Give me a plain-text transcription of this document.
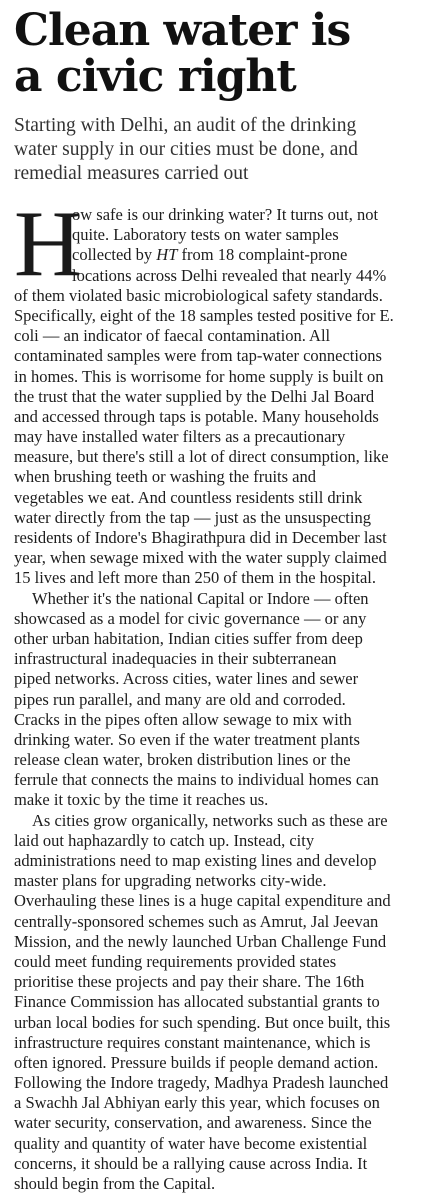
Clean water is
a civic right
Starting with Delhi, an audit of the drinking
water supply in our cities must be done, and
remedial measures carried out
H
ow safe is our drinking water? It turns out, not
quite. Laboratory tests on water samples
collected by HT from 18 complaint-prone
locations across Delhi revealed that nearly 44%
of them violated basic microbiological safety standards.
Specifically, eight of the 18 samples tested positive for E.
coli — an indicator of faecal contamination. All
contaminated samples were from tap-water connections
in homes. This is worrisome for home supply is built on
the trust that the water supplied by the Delhi Jal Board
and accessed through taps is potable. Many households
may have installed water filters as a precautionary
measure, but there's still a lot of direct consumption, like
when brushing teeth or washing the fruits and
vegetables we eat. And countless residents still drink
water directly from the tap — just as the unsuspecting
residents of Indore's Bhagirathpura did in December last
year, when sewage mixed with the water supply claimed
15 lives and left more than 250 of them in the hospital.
Whether it's the national Capital or Indore — often
showcased as a model for civic governance — or any
other urban habitation, Indian cities suffer from deep
infrastructural inadequacies in their subterranean
piped networks. Across cities, water lines and sewer
pipes run parallel, and many are old and corroded.
Cracks in the pipes often allow sewage to mix with
drinking water. So even if the water treatment plants
release clean water, broken distribution lines or the
ferrule that connects the mains to individual homes can
make it toxic by the time it reaches us.
As cities grow organically, networks such as these are
laid out haphazardly to catch up. Instead, city
administrations need to map existing lines and develop
master plans for upgrading networks city-wide.
Overhauling these lines is a huge capital expenditure and
centrally-sponsored schemes such as Amrut, Jal Jeevan
Mission, and the newly launched Urban Challenge Fund
could meet funding requirements provided states
prioritise these projects and pay their share. The 16th
Finance Commission has allocated substantial grants to
urban local bodies for such spending. But once built, this
infrastructure requires constant maintenance, which is
often ignored. Pressure builds if people demand action.
Following the Indore tragedy, Madhya Pradesh launched
a Swachh Jal Abhiyan early this year, which focuses on
water security, conservation, and awareness. Since the
quality and quantity of water have become existential
concerns, it should be a rallying cause across India. It
should begin from the Capital.
